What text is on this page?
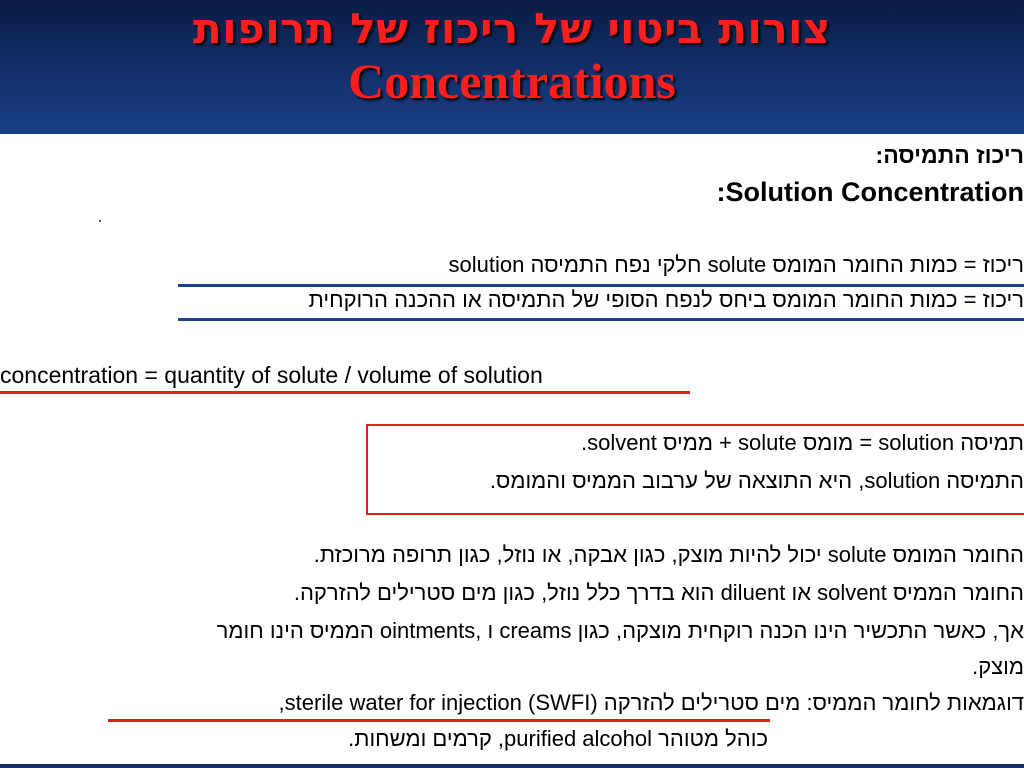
צורות ביטוי של ריכוז של תרופות
Concentrations
ריכוז התמיסה:
:Solution Concentration
ריכוז = כמות החומר המומס solute חלקי נפח התמיסה solution
ריכוז = כמות החומר המומס ביחס לנפח הסופי של התמיסה או ההכנה הרוקחית
concentration = quantity of solute / volume of solution
תמיסה solution = מומס solute + ממיס solvent.
התמיסה solution, היא התוצאה של ערבוב הממיס והמומס.
החומר המומס solute יכול להיות מוצק, כגון אבקה, או נוזל, כגון תרופה מרוכזת.
החומר הממיס solvent או diluent הוא בדרך כלל נוזל, כגון מים סטרילים להזרקה.
אך, כאשר התכשיר הינו הכנה רוקחית מוצקה, כגון creams ו ,ointments הממיס הינו חומר
מוצק.
דוגמאות לחומר הממיס: מים סטרילים להזרקה (sterile water for injection (SWFI,
כוהל מטוהר purified alcohol, קרמים ומשחות.
